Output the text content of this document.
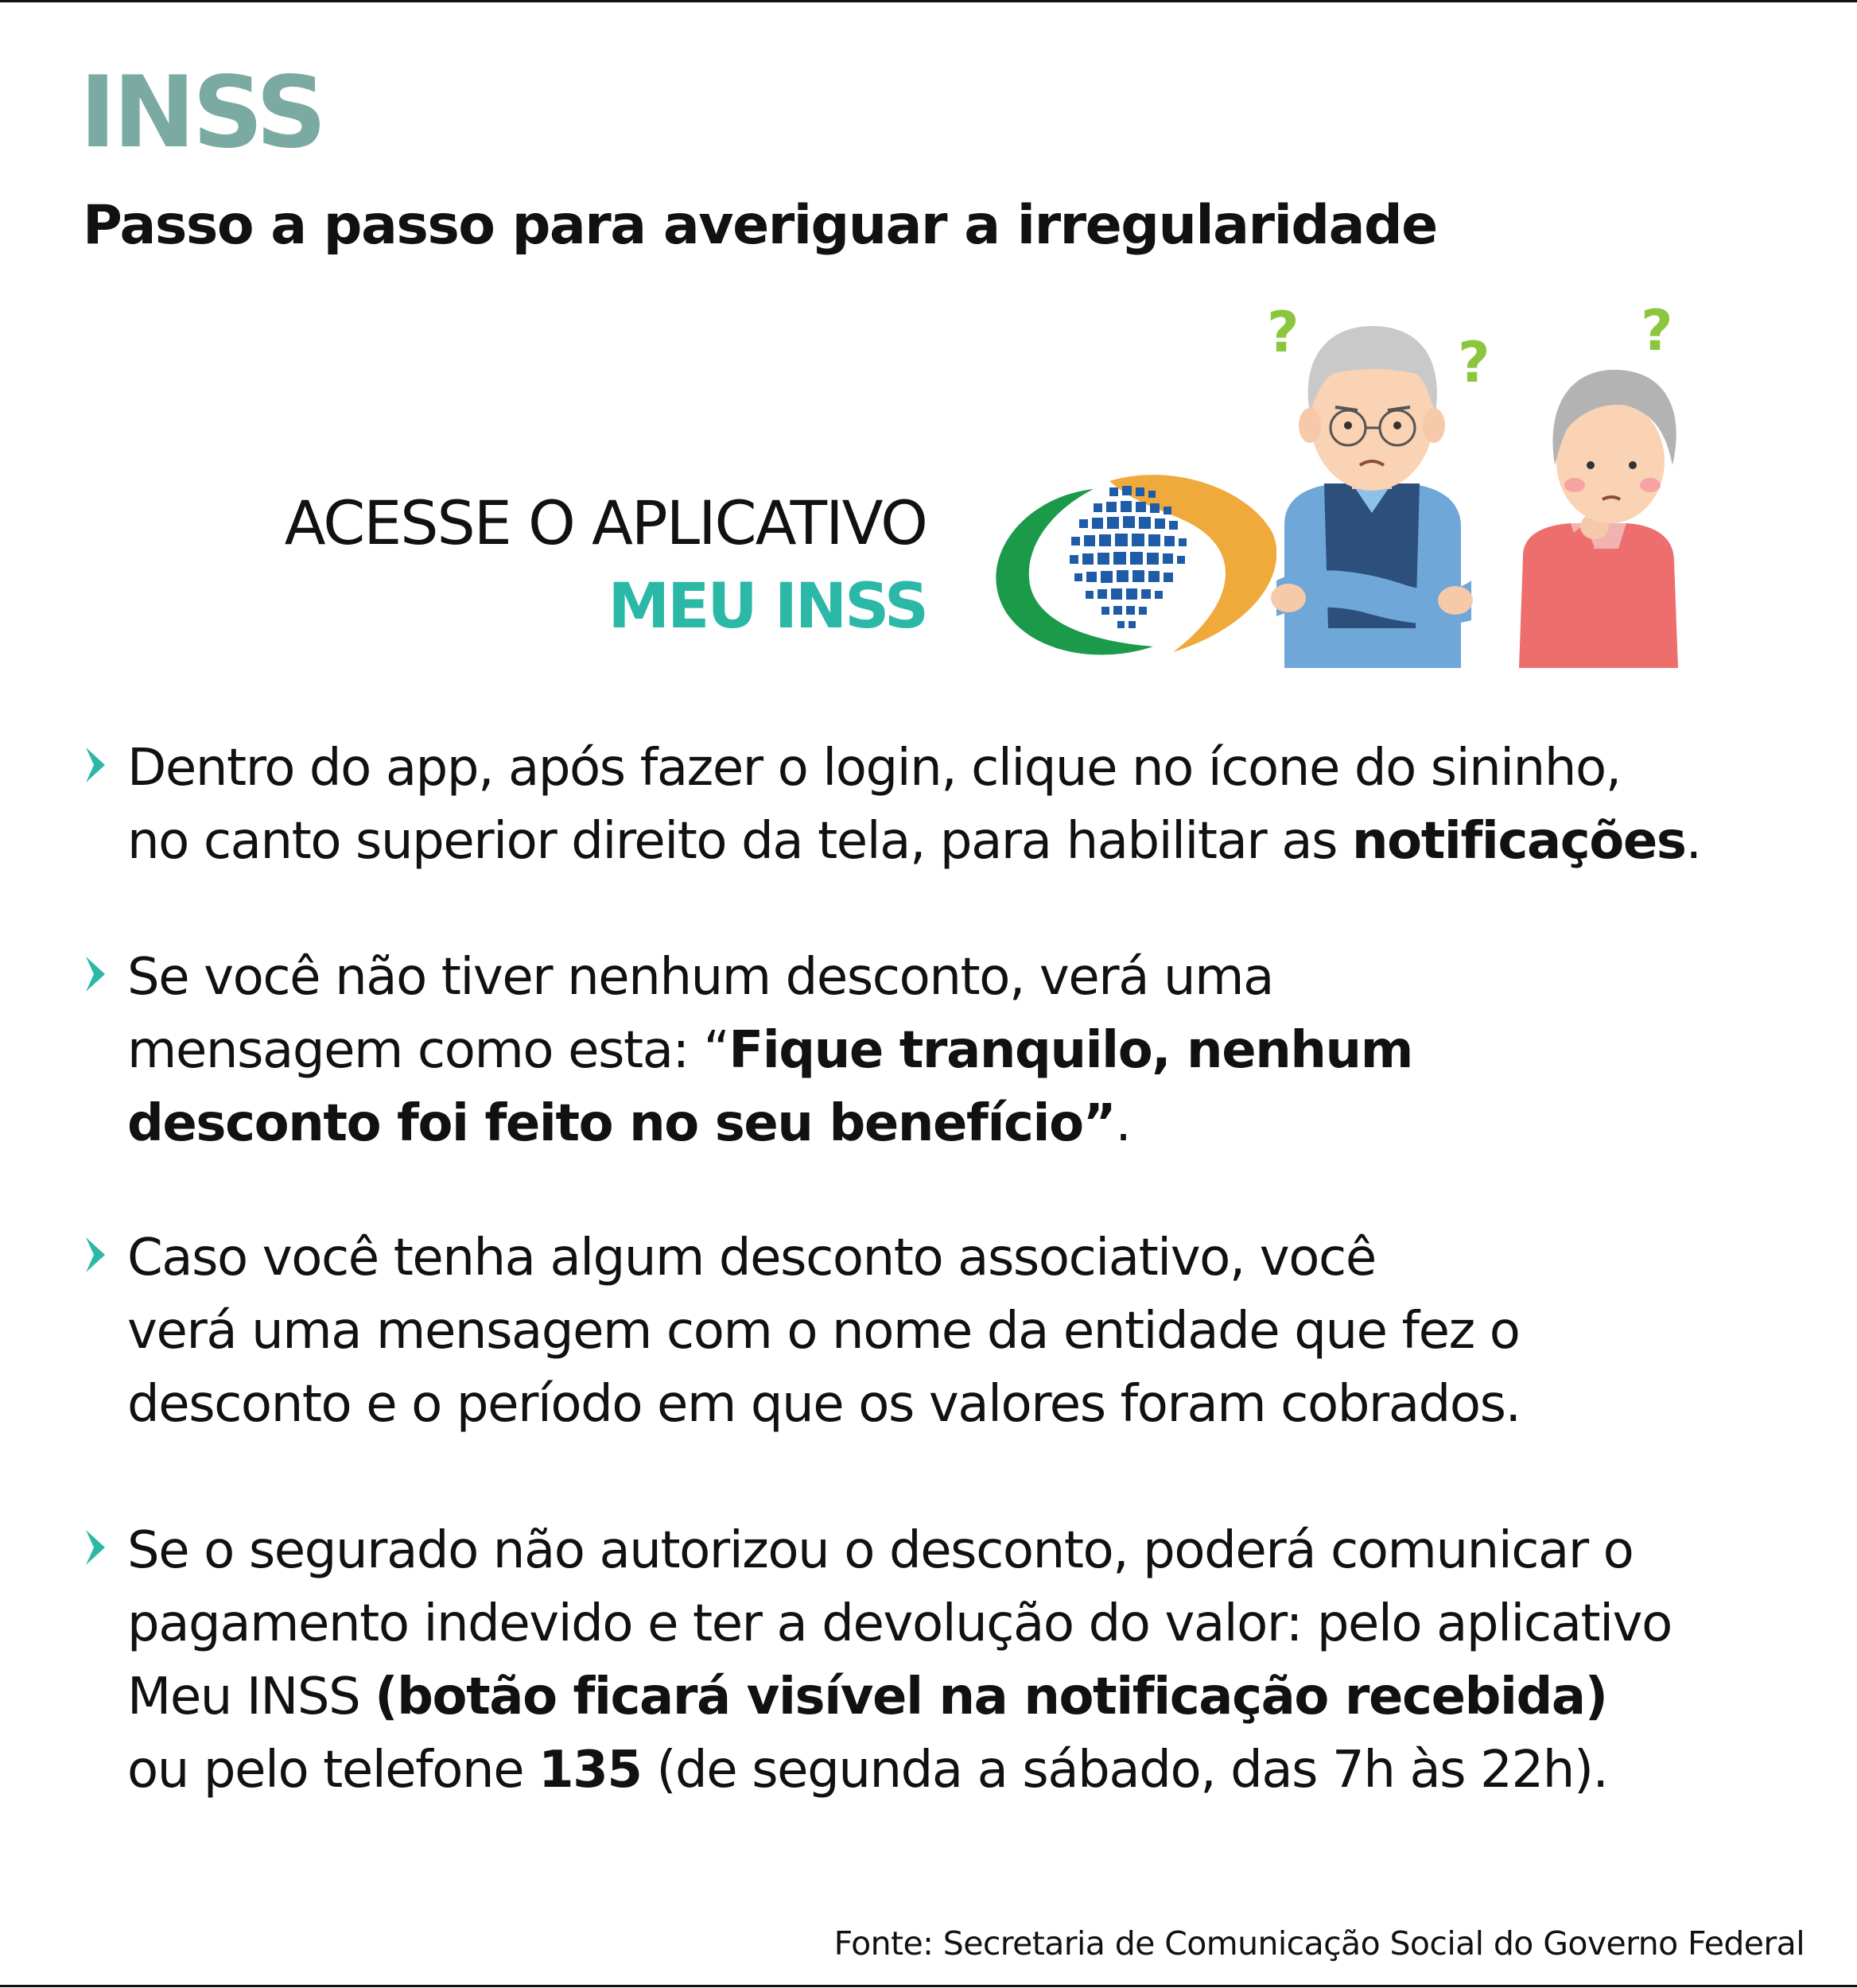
INSS
Passo a passo para averiguar a irregularidade
ACESSE O APLICATIVO
MEU INSS
?	?	?
Dentro do app, após fazer o login, clique no ícone do sininho,
no canto superior direito da tela, para habilitar as notificações.
Se você não tiver nenhum desconto, verá uma
mensagem como esta: “Fique tranquilo, nenhum
desconto foi feito no seu benefício”.
Caso você tenha algum desconto associativo, você
verá uma mensagem com o nome da entidade que fez o
desconto e o período em que os valores foram cobrados.
Se o segurado não autorizou o desconto, poderá comunicar o
pagamento indevido e ter a devolução do valor: pelo aplicativo
Meu INSS (botão ficará visível na notificação recebida)
ou pelo telefone 135 (de segunda a sábado, das 7h às 22h).
Fonte: Secretaria de Comunicação Social do Governo Federal
